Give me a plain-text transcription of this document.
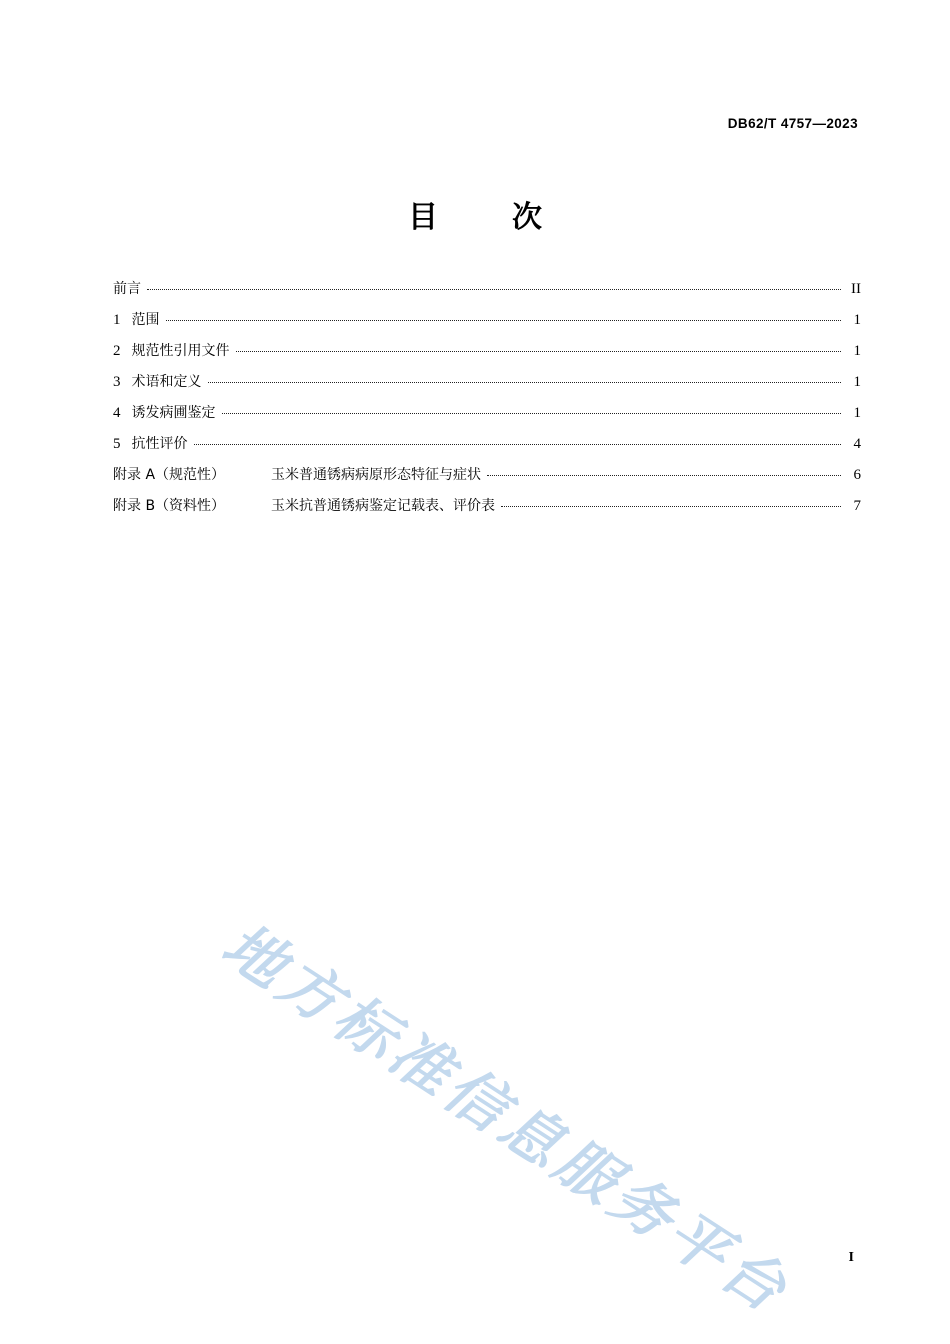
DB62/T 4757—2023
目　次
前言	II
1 范围	1
2 规范性引用文件	1
3 术语和定义	1
4 诱发病圃鉴定	1
5 抗性评价	4
附录 A（规范性）	玉米普通锈病病原形态特征与症状	6
附录 B（资料性）	玉米抗普通锈病鉴定记载表、评价表	7
地方标准信息服务平台	I
